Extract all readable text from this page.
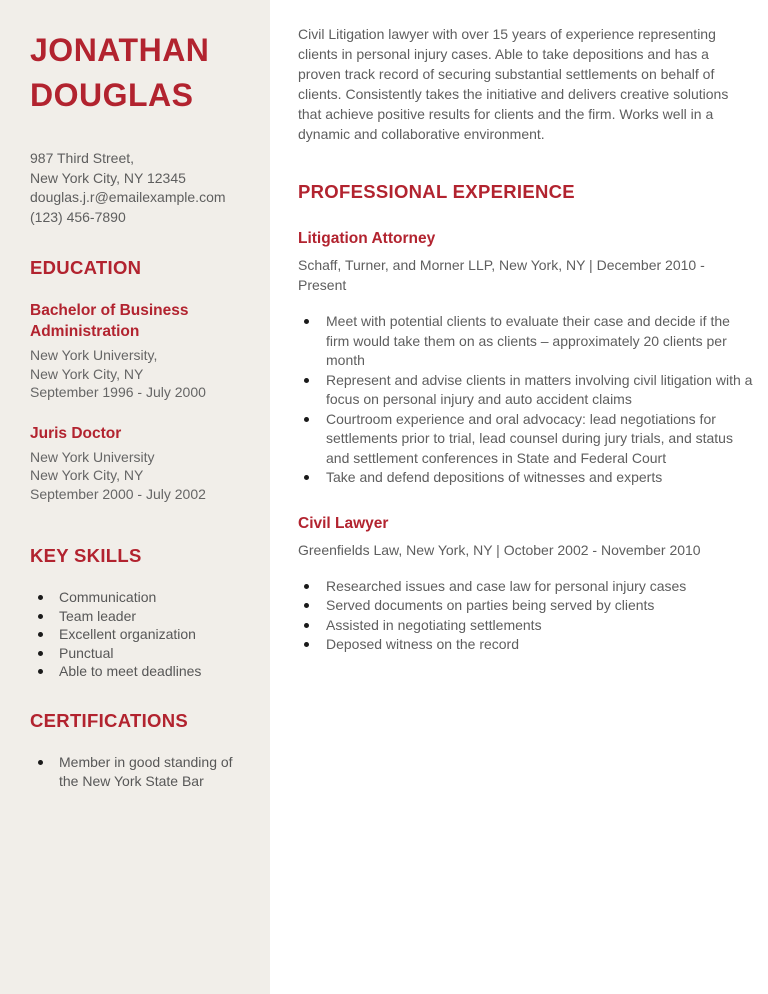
JONATHAN
DOUGLAS
987 Third Street,
New York City, NY 12345
douglas.j.r@emailexample.com
(123) 456-7890
EDUCATION
Bachelor of Business Administration
New York University,
New York City, NY
September 1996 - July 2000
Juris Doctor
New York University
New York City, NY
September 2000 - July 2002
KEY SKILLS
Communication
Team leader
Excellent organization
Punctual
Able to meet deadlines
CERTIFICATIONS
Member in good standing of the New York State Bar

Civil Litigation lawyer with over 15 years of experience representing clients in personal injury cases. Able to take depositions and has a proven track record of securing substantial settlements on behalf of clients. Consistently takes the initiative and delivers creative solutions that achieve positive results for clients and the firm. Works well in a dynamic and collaborative environment.

PROFESSIONAL EXPERIENCE
Litigation Attorney

Schaff, Turner, and Morner LLP, New York, NY | December 2010 - Present

Meet with potential clients to evaluate their case and decide if the firm would take them on as clients – approximately 20 clients per month
Represent and advise clients in matters involving civil litigation with a focus on personal injury and auto accident claims
Courtroom experience and oral advocacy: lead negotiations for settlements prior to trial, lead counsel during jury trials, and status and settlement conferences in State and Federal Court
Take and defend depositions of witnesses and experts
Civil Lawyer

Greenfields Law, New York, NY | October 2002 - November 2010

Researched issues and case law for personal injury cases
Served documents on parties being served by clients
Assisted in negotiating settlements
Deposed witness on the record
